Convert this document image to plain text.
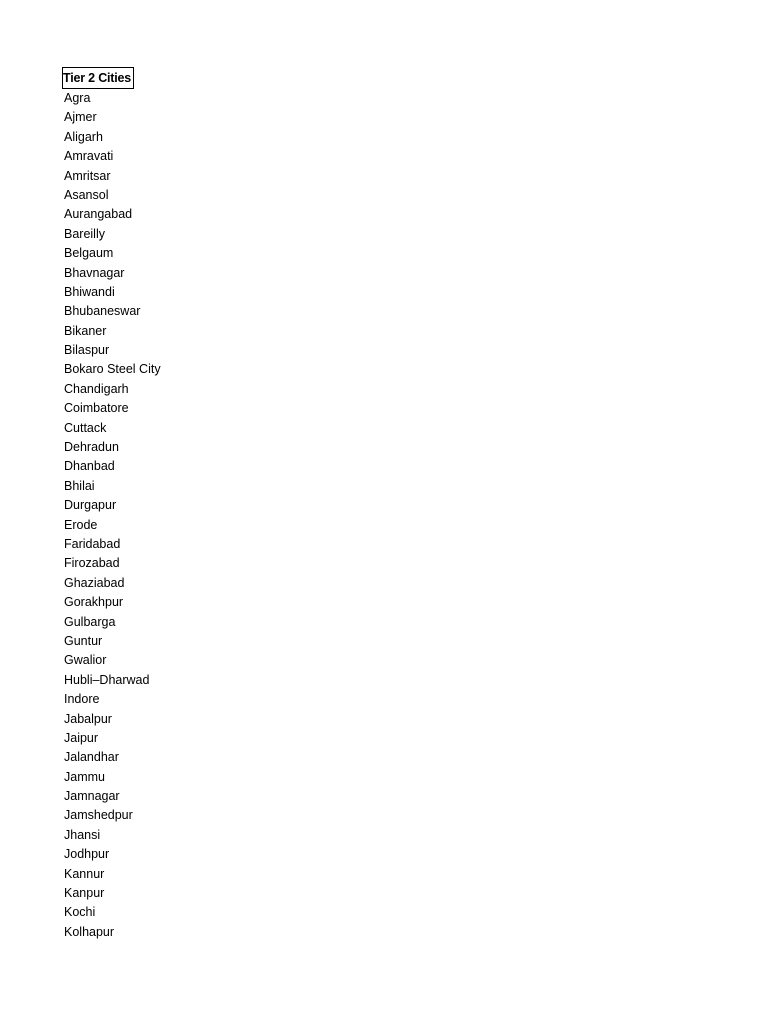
Tier 2 Cities
Agra
Ajmer
Aligarh
Amravati
Amritsar
Asansol
Aurangabad
Bareilly
Belgaum
Bhavnagar
Bhiwandi
Bhubaneswar
Bikaner
Bilaspur
Bokaro Steel City
Chandigarh
Coimbatore
Cuttack
Dehradun
Dhanbad
Bhilai
Durgapur
Erode
Faridabad
Firozabad
Ghaziabad
Gorakhpur
Gulbarga
Guntur
Gwalior
Hubli–Dharwad
Indore
Jabalpur
Jaipur
Jalandhar
Jammu
Jamnagar
Jamshedpur
Jhansi
Jodhpur
Kannur
Kanpur
Kochi
Kolhapur
